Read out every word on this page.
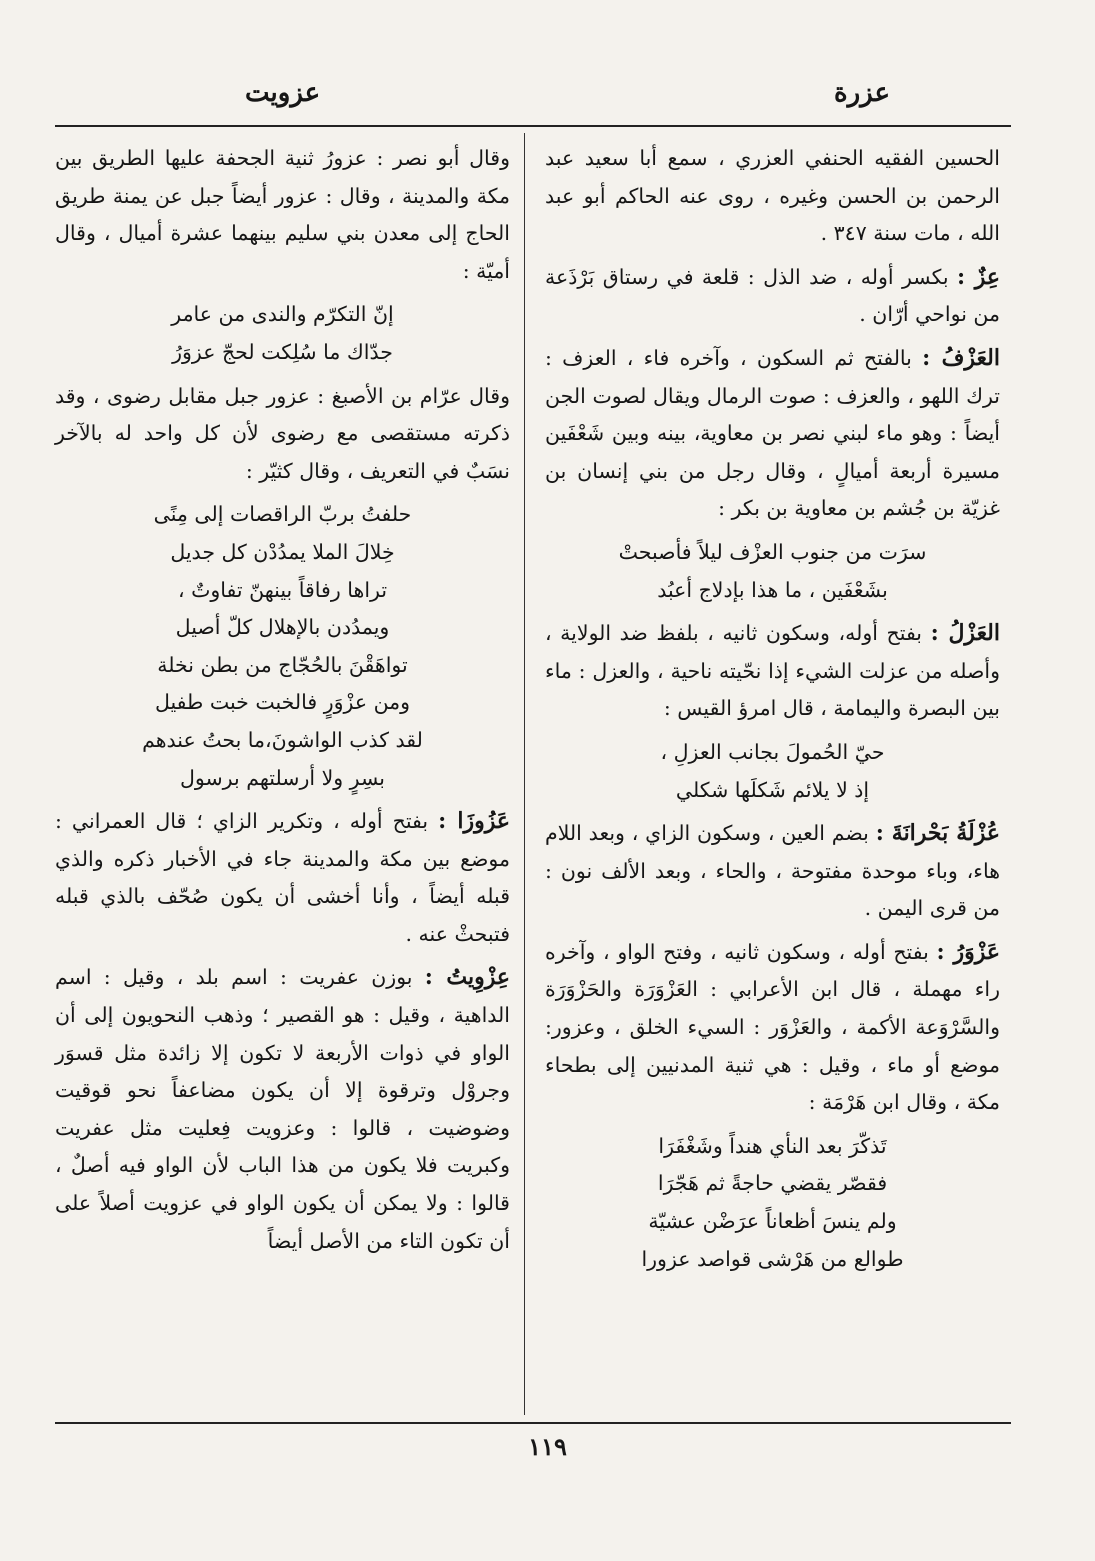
عزرة
عزويت

الحسين الفقيه الحنفي العزري ، سمع أبا سعيد عبد الرحمن بن الحسن وغيره ، روى عنه الحاكم أبو عبد الله ، مات سنة ٣٤٧ .

عِزٌ : بكسر أوله ، ضد الذل : قلعة في رستاق بَرْذَعة من نواحي أرّان .

العَزْفُ : بالفتح ثم السكون ، وآخره فاء ، العزف : ترك اللهو ، والعزف : صوت الرمال ويقال لصوت الجن أيضاً : وهو ماء لبني نصر بن معاوية، بينه وبين شَعْفَين مسيرة أربعة أميالٍ ، وقال رجل من بني إنسان بن غزيّة بن جُشم بن معاوية بن بكر :

سرَت من جنوب العزْف ليلاً فأصبحتْ
بشَعْفَين ، ما هذا بإدلاج أعبُد

العَزْلُ : بفتح أوله، وسكون ثانيه ، بلفظ ضد الولاية ، وأصله من عزلت الشيء إذا نحّيته ناحية ، والعزل : ماء بين البصرة واليمامة ، قال امرؤ القيس :

حيّ الحُمولَ بجانب العزلِ ،
إذ لا يلائم شَكلَها شكلي

عُزْلَةُ بَحْرانَةَ : بضم العين ، وسكون الزاي ، وبعد اللام هاء، وباء موحدة مفتوحة ، والحاء ، وبعد الألف نون : من قرى اليمن .

عَزْوَرُ : بفتح أوله ، وسكون ثانيه ، وفتح الواو ، وآخره راء مهملة ، قال ابن الأعرابي : العَزْوَرَة والحَزْوَرَة والسَّرْوَعة الأكمة ، والعَزْوَر : السيء الخلق ، وعزور: موضع أو ماء ، وقيل : هي ثنية المدنيين إلى بطحاء مكة ، وقال ابن هَرْمَة :

تَذكّرَ بعد النأي هنداً وشَغْفَرَا
فقصّر يقضي حاجةً ثم هَجّرَا
ولم ينسَ أظعاناً عرَضْن عشيّة
طوالع من هَرْشى قواصد عزورا

وقال أبو نصر : عزورُ ثنية الجحفة عليها الطريق بين مكة والمدينة ، وقال : عزور أيضاً جبل عن يمنة طريق الحاج إلى معدن بني سليم بينهما عشرة أميال ، وقال أميّة :

إنّ التكرّم والندى من عامر
جدّاك ما سُلِكت لحجّ عزوَرُ

وقال عرّام بن الأصبغ : عزور جبل مقابل رضوى ، وقد ذكرته مستقصى مع رضوى لأن كل واحد له بالآخر نسَبٌ في التعريف ، وقال كثيّر :

حلفتُ بربّ الراقصات إلى مِنًى
خِلالَ الملا يمدُدْن كل جديل
تراها رفاقاً بينهنّ تفاوتٌ ،
ويمدُدن بالإهلال كلّ أصيل
تواهَقْنَ بالحُجّاج من بطن نخلة
ومن عزْوَرٍ فالخبت خبت طفيل
لقد كذب الواشونَ،ما بحتُ عندهم
بسِرٍ ولا أرسلتهم برسول

عَزُوزَا : بفتح أوله ، وتكرير الزاي ؛ قال العمراني : موضع بين مكة والمدينة جاء في الأخبار ذكره والذي قبله أيضاً ، وأنا أخشى أن يكون صُحّف بالذي قبله فتبحثْ عنه .

عِزْوِيتُ : بوزن عفريت : اسم بلد ، وقيل : اسم الداهية ، وقيل : هو القصير ؛ وذهب النحويون إلى أن الواو في ذوات الأربعة لا تكون إلا زائدة مثل قسوَر وجروْل وترقوة إلا أن يكون مضاعفاً نحو قوقيت وضوضيت ، قالوا : وعزويت فِعليت مثل عفريت وكبريت فلا يكون من هذا الباب لأن الواو فيه أصلٌ ، قالوا : ولا يمكن أن يكون الواو في عزويت أصلاً على أن تكون التاء من الأصل أيضاً

١١٩
